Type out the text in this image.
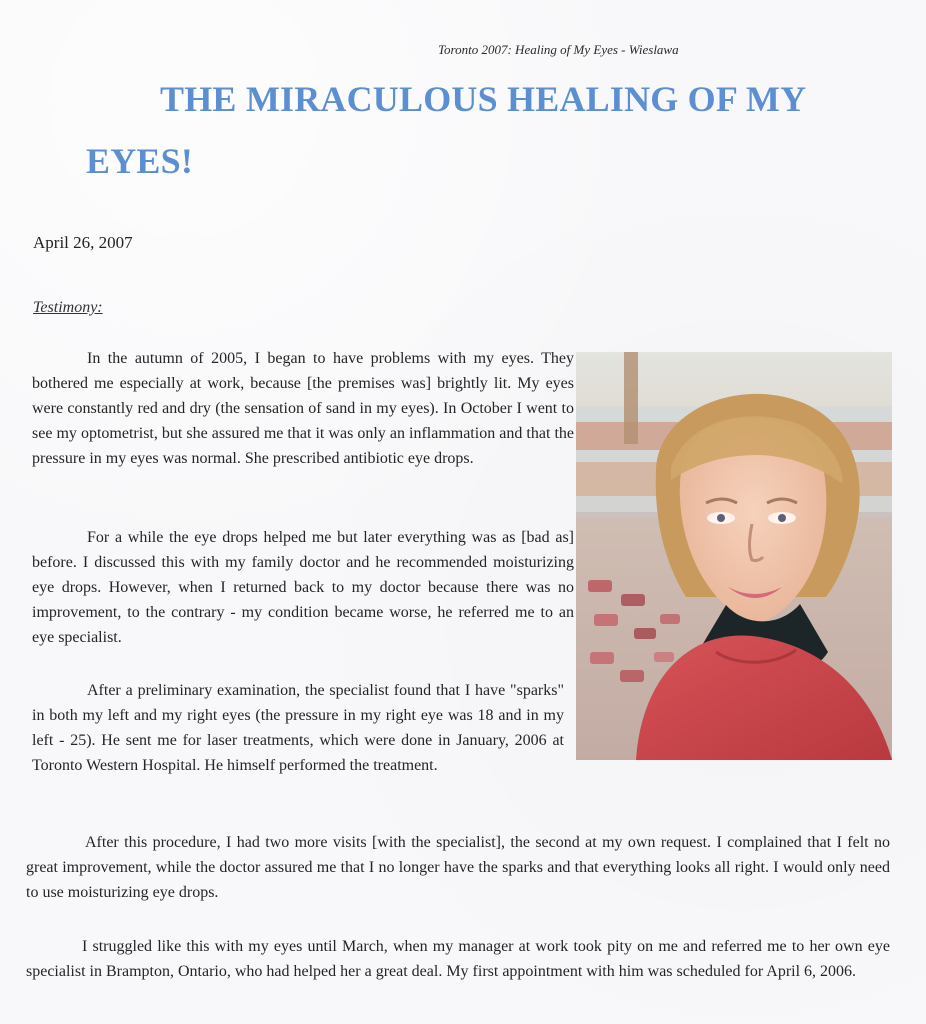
Toronto 2007: Healing of My Eyes - Wieslawa
THE MIRACULOUS HEALING OF MY
EYES!
April 26, 2007
Testimony:
In the autumn of 2005, I began to have problems with my eyes. They bothered me especially at work, because [the premises was] brightly lit. My eyes were constantly red and dry (the sensation of sand in my eyes). In October I went to see my optometrist, but she assured me that it was only an inflammation and that the pressure in my eyes was normal. She prescribed antibiotic eye drops.
For a while the eye drops helped me but later everything was as [bad as] before. I discussed this with my family doctor and he recommended moisturizing eye drops. However, when I returned back to my doctor because there was no improvement, to the contrary - my condition became worse, he referred me to an eye specialist.
After a preliminary examination, the specialist found that I have "sparks" in both my left and my right eyes (the pressure in my right eye was 18 and in my left - 25). He sent me for laser treatments, which were done in January, 2006 at Toronto Western Hospital. He himself performed the treatment.
After this procedure, I had two more visits [with the specialist], the second at my own request. I complained that I felt no great improvement, while the doctor assured me that I no longer have the sparks and that everything looks all right. I would only need to use moisturizing eye drops.
I struggled like this with my eyes until March, when my manager at work took pity on me and referred me to her own eye specialist in Brampton, Ontario, who had helped her a great deal. My first appointment with him was scheduled for April 6, 2006.
